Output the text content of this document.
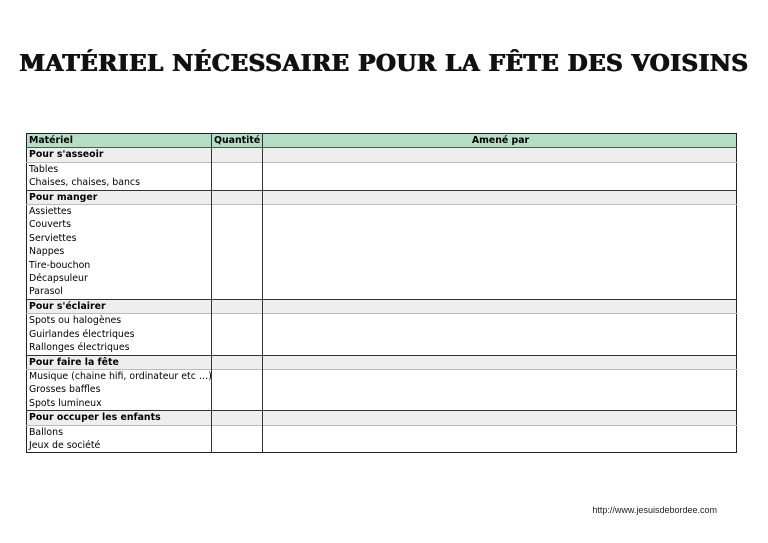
MATÉRIEL NÉCESSAIRE POUR LA FÊTE DES VOISINS
Matériel	Quantité	Amené par
Pour s'asseoir		
Tables		
Chaises, chaises, bancs		
Pour manger		
Assiettes		
Couverts		
Serviettes		
Nappes		
Tire-bouchon		
Décapsuleur		
Parasol		
Pour s'éclairer		
Spots ou halogènes		
Guirlandes électriques		
Rallonges électriques		
Pour faire la fête		
Musique (chaine hifi, ordinateur etc …)		
Grosses baffles		
Spots lumineux		
Pour occuper les enfants		
Ballons		
Jeux de société		
http://www.jesuisdebordee.com
